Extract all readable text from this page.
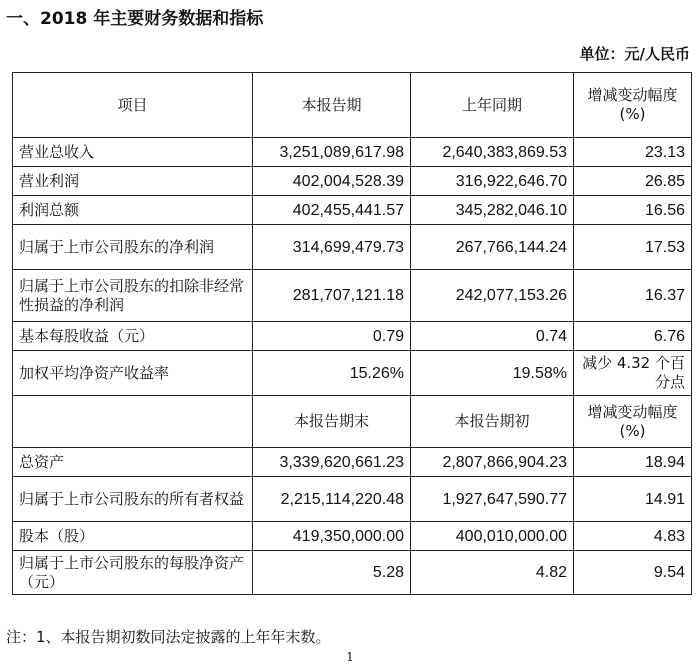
一、2018 年主要财务数据和指标
单位：元/人民币
项目	本报告期	上年同期	增减变动幅度(%)
营业总收入	3,251,089,617.98	2,640,383,869.53	23.13
营业利润	402,004,528.39	316,922,646.70	26.85
利润总额	402,455,441.57	345,282,046.10	16.56
归属于上市公司股东的净利润	314,699,479.73	267,766,144.24	17.53
归属于上市公司股东的扣除非经常性损益的净利润	281,707,121.18	242,077,153.26	16.37
基本每股收益（元）	0.79	0.74	6.76
加权平均净资产收益率	15.26%	19.58%	减少 4.32 个百分点
	本报告期末	本报告期初	增减变动幅度(%)
总资产	3,339,620,661.23	2,807,866,904.23	18.94
归属于上市公司股东的所有者权益	2,215,114,220.48	1,927,647,590.77	14.91
股本（股）	419,350,000.00	400,010,000.00	4.83
归属于上市公司股东的每股净资产（元）	5.28	4.82	9.54
注：1、本报告期初数同法定披露的上年年末数。
1
